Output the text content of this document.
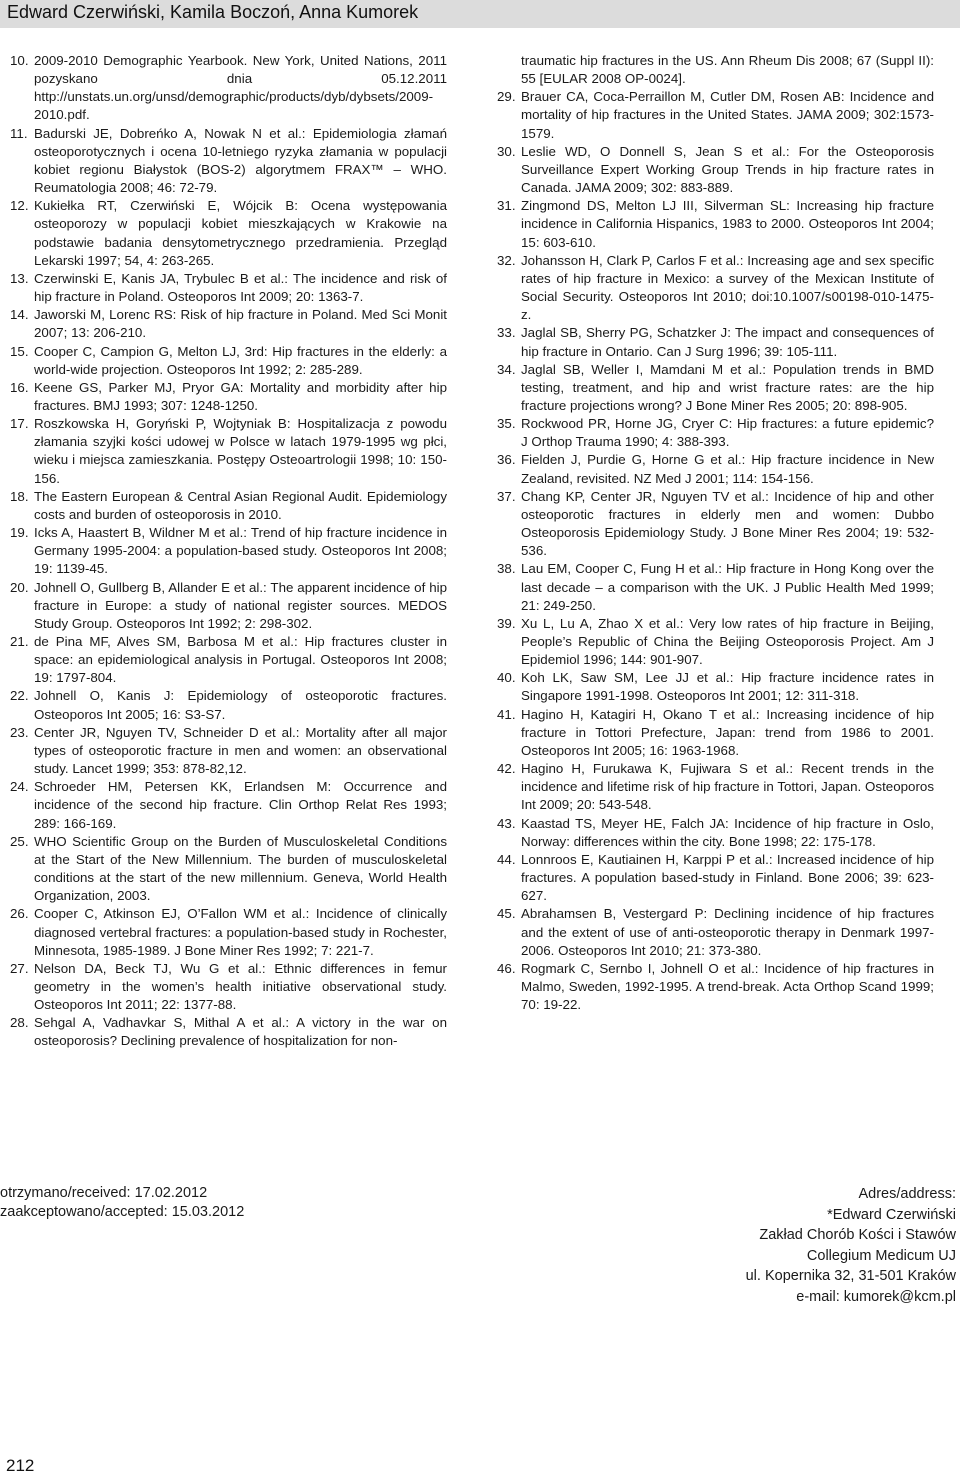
Edward Czerwiński, Kamila Boczoń, Anna Kumorek
10. 2009-2010 Demographic Yearbook. New York, United Nations, 2011 pozyskano dnia 05.12.2011 http://unstats.un.org/unsd/demographic/products/dyb/dybsets/2009-2010.pdf.
11. Badurski JE, Dobreńko A, Nowak N et al.: Epidemiologia złamań osteoporotycznych i ocena 10-letniego ryzyka złamania w populacji kobiet regionu Białystok (BOS-2) algorytmem FRAX™ – WHO. Reumatologia 2008; 46: 72-79.
12. Kukiełka RT, Czerwiński E, Wójcik B: Ocena występowania osteoporozy w populacji kobiet mieszkających w Krakowie na podstawie badania densytometrycznego przedramienia. Przegląd Lekarski 1997; 54, 4: 263-265.
13. Czerwinski E, Kanis JA, Trybulec B et al.: The incidence and risk of hip fracture in Poland. Osteoporos Int 2009; 20: 1363-7.
14. Jaworski M, Lorenc RS: Risk of hip fracture in Poland. Med Sci Monit 2007; 13: 206-210.
15. Cooper C, Campion G, Melton LJ, 3rd: Hip fractures in the elderly: a world-wide projection. Osteoporos Int 1992; 2: 285-289.
16. Keene GS, Parker MJ, Pryor GA: Mortality and morbidity after hip fractures. BMJ 1993; 307: 1248-1250.
17. Roszkowska H, Goryński P, Wojtyniak B: Hospitalizacja z powodu złamania szyjki kości udowej w Polsce w latach 1979-1995 wg płci, wieku i miejsca zamieszkania. Postępy Osteoartrologii 1998; 10: 150-156.
18. The Eastern European & Central Asian Regional Audit. Epidemiology costs and burden of osteoporosis in 2010.
19. Icks A, Haastert B, Wildner M et al.: Trend of hip fracture incidence in Germany 1995-2004: a population-based study. Osteoporos Int 2008; 19: 1139-45.
20. Johnell O, Gullberg B, Allander E et al.: The apparent incidence of hip fracture in Europe: a study of national register sources. MEDOS Study Group. Osteoporos Int 1992; 2: 298-302.
21. de Pina MF, Alves SM, Barbosa M et al.: Hip fractures cluster in space: an epidemiological analysis in Portugal. Osteoporos Int 2008; 19: 1797-804.
22. Johnell O, Kanis J: Epidemiology of osteoporotic fractures. Osteoporos Int 2005; 16: S3-S7.
23. Center JR, Nguyen TV, Schneider D et al.: Mortality after all major types of osteoporotic fracture in men and women: an observational study. Lancet 1999; 353: 878-82,12.
24. Schroeder HM, Petersen KK, Erlandsen M: Occurrence and incidence of the second hip fracture. Clin Orthop Relat Res 1993; 289: 166-169.
25. WHO Scientific Group on the Burden of Musculoskeletal Conditions at the Start of the New Millennium. The burden of musculoskeletal conditions at the start of the new millennium. Geneva, World Health Organization, 2003.
26. Cooper C, Atkinson EJ, O’Fallon WM et al.: Incidence of clinically diagnosed vertebral fractures: a population-based study in Rochester, Minnesota, 1985-1989. J Bone Miner Res 1992; 7: 221-7.
27. Nelson DA, Beck TJ, Wu G et al.: Ethnic differences in femur geometry in the women’s health initiative observational study. Osteoporos Int 2011; 22: 1377-88.
28. Sehgal A, Vadhavkar S, Mithal A et al.: A victory in the war on osteoporosis? Declining prevalence of hospitalization for non-
traumatic hip fractures in the US. Ann Rheum Dis 2008; 67 (Suppl II): 55 [EULAR 2008 OP-0024].
29. Brauer CA, Coca-Perraillon M, Cutler DM, Rosen AB: Incidence and mortality of hip fractures in the United States. JAMA 2009; 302:1573-1579.
30. Leslie WD, O Donnell S, Jean S et al.: For the Osteoporosis Surveillance Expert Working Group Trends in hip fracture rates in Canada. JAMA 2009; 302: 883-889.
31. Zingmond DS, Melton LJ III, Silverman SL: Increasing hip fracture incidence in California Hispanics, 1983 to 2000. Osteoporos Int 2004; 15: 603-610.
32. Johansson H, Clark P, Carlos F et al.: Increasing age and sex specific rates of hip fracture in Mexico: a survey of the Mexican Institute of Social Security. Osteoporos Int 2010; doi:10.1007/s00198-010-1475-z.
33. Jaglal SB, Sherry PG, Schatzker J: The impact and consequences of hip fracture in Ontario. Can J Surg 1996; 39: 105-111.
34. Jaglal SB, Weller I, Mamdani M et al.: Population trends in BMD testing, treatment, and hip and wrist fracture rates: are the hip fracture projections wrong? J Bone Miner Res 2005; 20: 898-905.
35. Rockwood PR, Horne JG, Cryer C: Hip fractures: a future epidemic? J Orthop Trauma 1990; 4: 388-393.
36. Fielden J, Purdie G, Horne G et al.: Hip fracture incidence in New Zealand, revisited. NZ Med J 2001; 114: 154-156.
37. Chang KP, Center JR, Nguyen TV et al.: Incidence of hip and other osteoporotic fractures in elderly men and women: Dubbo Osteoporosis Epidemiology Study. J Bone Miner Res 2004; 19: 532-536.
38. Lau EM, Cooper C, Fung H et al.: Hip fracture in Hong Kong over the last decade – a comparison with the UK. J Public Health Med 1999; 21: 249-250.
39. Xu L, Lu A, Zhao X et al.: Very low rates of hip fracture in Beijing, People’s Republic of China the Beijing Osteoporosis Project. Am J Epidemiol 1996; 144: 901-907.
40. Koh LK, Saw SM, Lee JJ et al.: Hip fracture incidence rates in Singapore 1991-1998. Osteoporos Int 2001; 12: 311-318.
41. Hagino H, Katagiri H, Okano T et al.: Increasing incidence of hip fracture in Tottori Prefecture, Japan: trend from 1986 to 2001. Osteoporos Int 2005; 16: 1963-1968.
42. Hagino H, Furukawa K, Fujiwara S et al.: Recent trends in the incidence and lifetime risk of hip fracture in Tottori, Japan. Osteoporos Int 2009; 20: 543-548.
43. Kaastad TS, Meyer HE, Falch JA: Incidence of hip fracture in Oslo, Norway: differences within the city. Bone 1998; 22: 175-178.
44. Lonnroos E, Kautiainen H, Karppi P et al.: Increased incidence of hip fractures. A population based-study in Finland. Bone 2006; 39: 623-627.
45. Abrahamsen B, Vestergard P: Declining incidence of hip fractures and the extent of use of anti-osteoporotic therapy in Denmark 1997-2006. Osteoporos Int 2010; 21: 373-380.
46. Rogmark C, Sernbo I, Johnell O et al.: Incidence of hip fractures in Malmo, Sweden, 1992-1995. A trend-break. Acta Orthop Scand 1999; 70: 19-22.
otrzymano/received: 17.02.2012
zaakceptowano/accepted: 15.03.2012
Adres/address:
*Edward Czerwiński
Zakład Chorób Kości i Stawów
Collegium Medicum UJ
ul. Kopernika 32, 31-501 Kraków
e-mail: kumorek@kcm.pl
212
